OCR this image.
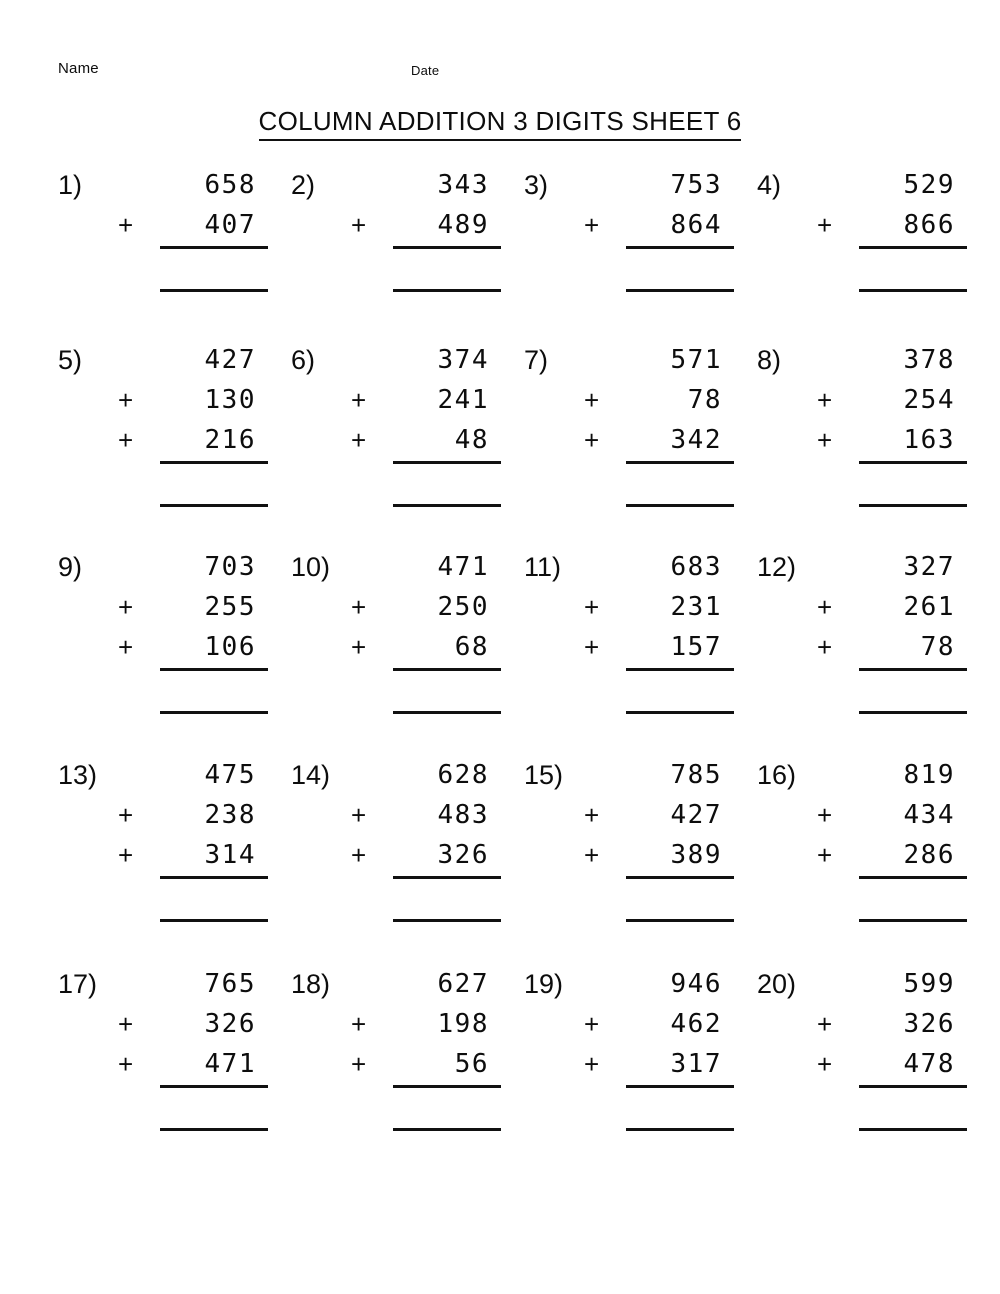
Name	Date
COLUMN ADDITION 3 DIGITS SHEET 6
1)	658
+	407
2)	343
+	489
3)	753
+	864
4)	529
+	866
5)	427
+	130
+	216
6)	374
+	241
+	48
7)	571
+	78
+	342
8)	378
+	254
+	163
9)	703
+	255
+	106
10)	471
+	250
+	68
11)	683
+	231
+	157
12)	327
+	261
+	78
13)	475
+	238
+	314
14)	628
+	483
+	326
15)	785
+	427
+	389
16)	819
+	434
+	286
17)	765
+	326
+	471
18)	627
+	198
+	56
19)	946
+	462
+	317
20)	599
+	326
+	478
